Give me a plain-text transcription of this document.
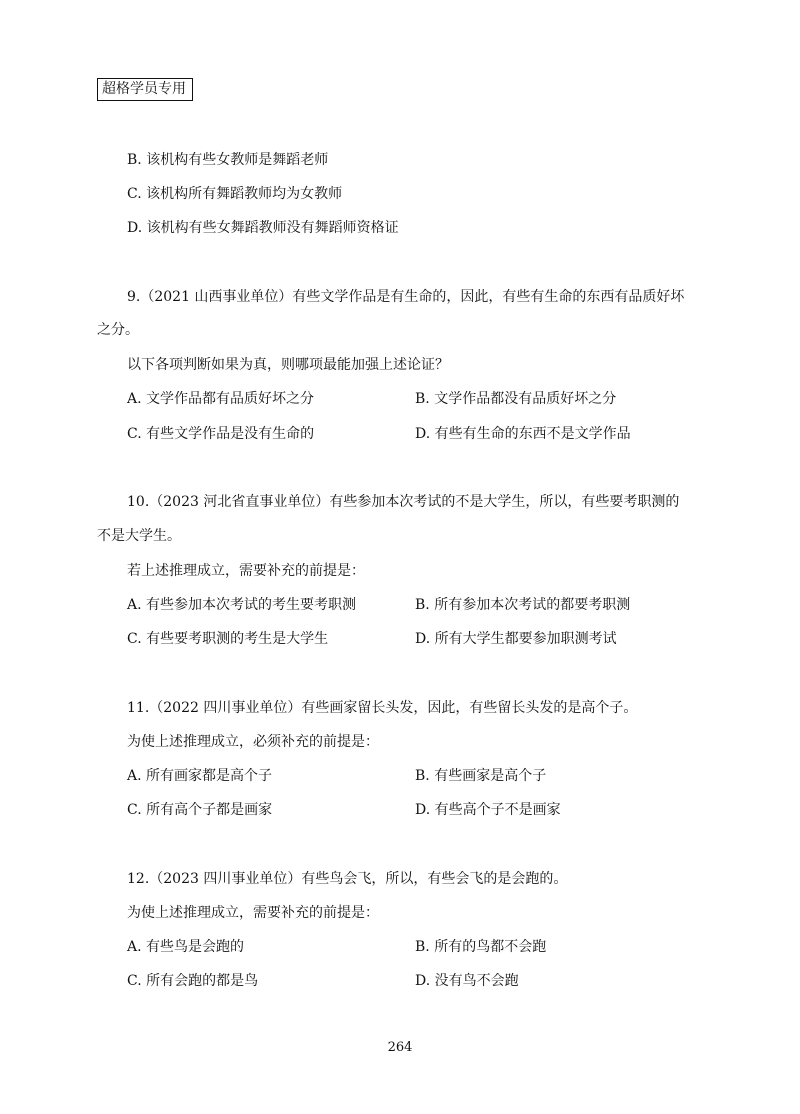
超格学员专用
B. 该机构有些女教师是舞蹈老师
C. 该机构所有舞蹈教师均为女教师
D. 该机构有些女舞蹈教师没有舞蹈师资格证
9.（2021 山西事业单位）有些文学作品是有生命的，因此，有些有生命的东西有品质好坏
之分。
以下各项判断如果为真，则哪项最能加强上述论证？
A. 文学作品都有品质好坏之分	B. 文学作品都没有品质好坏之分
C. 有些文学作品是没有生命的	D. 有些有生命的东西不是文学作品
10.（2023 河北省直事业单位）有些参加本次考试的不是大学生，所以，有些要考职测的
不是大学生。
若上述推理成立，需要补充的前提是：
A. 有些参加本次考试的考生要考职测	B. 所有参加本次考试的都要考职测
C. 有些要考职测的考生是大学生	D. 所有大学生都要参加职测考试
11.（2022 四川事业单位）有些画家留长头发，因此，有些留长头发的是高个子。
为使上述推理成立，必须补充的前提是：
A. 所有画家都是高个子	B. 有些画家是高个子
C. 所有高个子都是画家	D. 有些高个子不是画家
12.（2023 四川事业单位）有些鸟会飞，所以，有些会飞的是会跑的。
为使上述推理成立，需要补充的前提是：
A. 有些鸟是会跑的	B. 所有的鸟都不会跑
C. 所有会跑的都是鸟	D. 没有鸟不会跑
264
